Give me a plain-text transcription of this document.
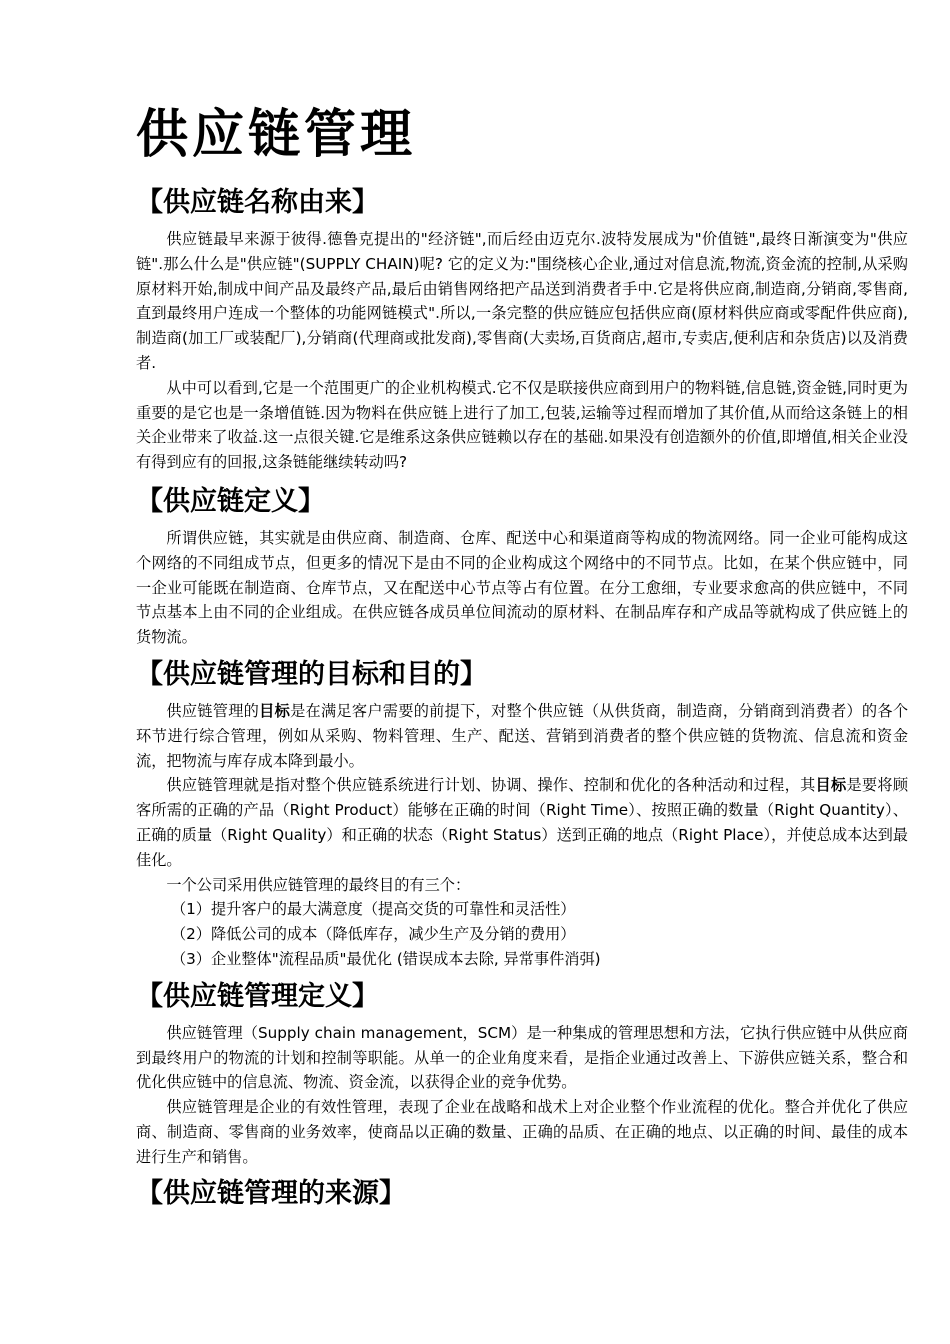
供应链管理
【供应链名称由来】

供应链最早来源于彼得.德鲁克提出的"经济链",而后经由迈克尔.波特发展成为"价值链",最终日渐演变为"供应链".那么什么是"供应链"(SUPPLY CHAIN)呢? 它的定义为:"围绕核心企业,通过对信息流,物流,资金流的控制,从采购原材料开始,制成中间产品及最终产品,最后由销售网络把产品送到消费者手中.它是将供应商,制造商,分销商,零售商,直到最终用户连成一个整体的功能网链模式".所以,一条完整的供应链应包括供应商(原材料供应商或零配件供应商),制造商(加工厂或装配厂),分销商(代理商或批发商),零售商(大卖场,百货商店,超市,专卖店,便利店和杂货店)以及消费者.

从中可以看到,它是一个范围更广的企业机构模式.它不仅是联接供应商到用户的物料链,信息链,资金链,同时更为重要的是它也是一条增值链.因为物料在供应链上进行了加工,包装,运输等过程而增加了其价值,从而给这条链上的相关企业带来了收益.这一点很关键.它是维系这条供应链赖以存在的基础.如果没有创造额外的价值,即增值,相关企业没有得到应有的回报,这条链能继续转动吗?

【供应链定义】

所谓供应链，其实就是由供应商、制造商、仓库、配送中心和渠道商等构成的物流网络。同一企业可能构成这个网络的不同组成节点，但更多的情况下是由不同的企业构成这个网络中的不同节点。比如，在某个供应链中，同一企业可能既在制造商、仓库节点，又在配送中心节点等占有位置。在分工愈细，专业要求愈高的供应链中，不同节点基本上由不同的企业组成。在供应链各成员单位间流动的原材料、在制品库存和产成品等就构成了供应链上的货物流。

【供应链管理的目标和目的】

供应链管理的目标是在满足客户需要的前提下，对整个供应链（从供货商，制造商，分销商到消费者）的各个环节进行综合管理，例如从采购、物料管理、生产、配送、营销到消费者的整个供应链的货物流、信息流和资金流，把物流与库存成本降到最小。

供应链管理就是指对整个供应链系统进行计划、协调、操作、控制和优化的各种活动和过程，其目标是要将顾客所需的正确的产品（Right Product）能够在正确的时间（Right Time）、按照正确的数量（Right Quantity）、正确的质量（Right Quality）和正确的状态（Right Status）送到正确的地点（Right Place），并使总成本达到最佳化。

一个公司采用供应链管理的最终目的有三个：

（1）提升客户的最大满意度（提高交货的可靠性和灵活性）

（2）降低公司的成本（降低库存，减少生产及分销的费用）

（3）企业整体"流程品质"最优化 (错误成本去除, 异常事件消弭)

【供应链管理定义】

供应链管理（Supply chain management，SCM）是一种集成的管理思想和方法，它执行供应链中从供应商到最终用户的物流的计划和控制等职能。从单一的企业角度来看，是指企业通过改善上、下游供应链关系，整合和优化供应链中的信息流、物流、资金流，以获得企业的竞争优势。

供应链管理是企业的有效性管理，表现了企业在战略和战术上对企业整个作业流程的优化。整合并优化了供应商、制造商、零售商的业务效率，使商品以正确的数量、正确的品质、在正确的地点、以正确的时间、最佳的成本进行生产和销售。

【供应链管理的来源】
